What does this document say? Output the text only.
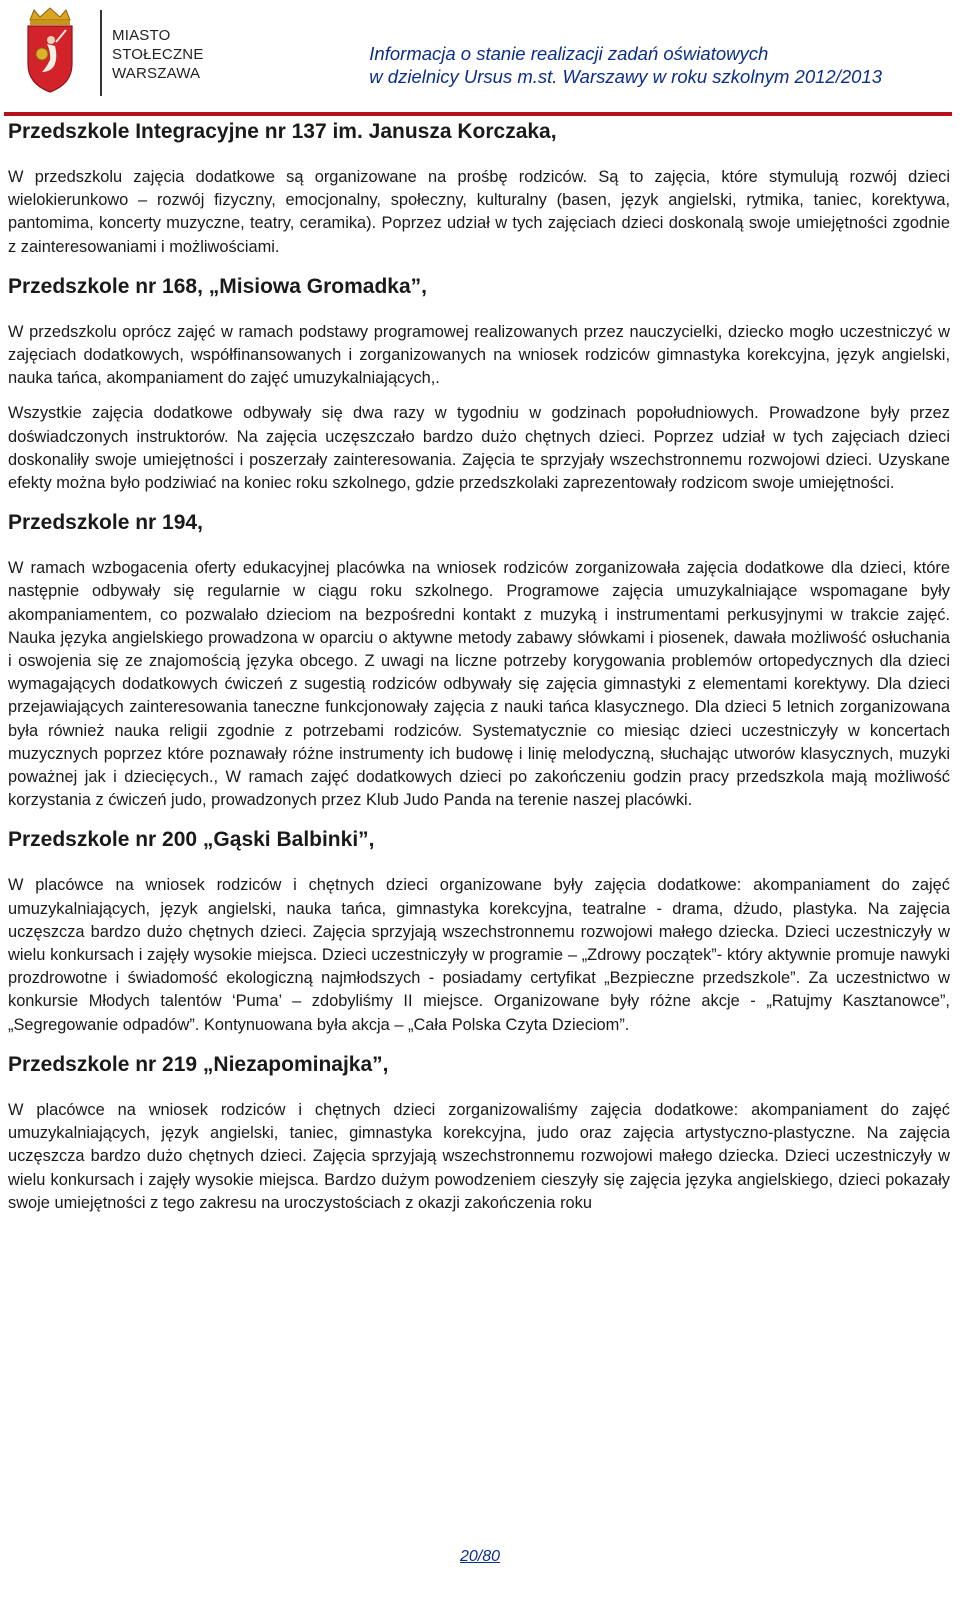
MIASTO
STOŁECZNE
WARSZAWA
Informacja o stanie realizacji zadań oświatowych
w dzielnicy Ursus m.st. Warszawy w roku szkolnym 2012/2013
Przedszkole Integracyjne nr 137 im. Janusza Korczaka,

W przedszkolu zajęcia dodatkowe są organizowane na prośbę rodziców. Są to zajęcia, które stymulują rozwój dzieci wielokierunkowo – rozwój fizyczny, emocjonalny, społeczny, kulturalny (basen, język angielski, rytmika, taniec, korektywa, pantomima, koncerty muzyczne, teatry, ceramika). Poprzez udział w tych zajęciach dzieci doskonalą swoje umiejętności zgodnie z zainteresowaniami i możliwościami.

Przedszkole nr 168, „Misiowa Gromadka”,

W przedszkolu oprócz zajęć w ramach podstawy programowej realizowanych przez nauczycielki, dziecko mogło uczestniczyć w zajęciach dodatkowych, współfinansowanych i zorganizowanych na wniosek rodziców gimnastyka korekcyjna, język angielski, nauka tańca, akompaniament do zajęć umuzykalniających,.

Wszystkie zajęcia dodatkowe odbywały się dwa razy w tygodniu w godzinach popołudniowych. Prowadzone były przez doświadczonych instruktorów. Na zajęcia uczęszczało bardzo dużo chętnych dzieci. Poprzez udział w tych zajęciach dzieci doskonaliły swoje umiejętności i poszerzały zainteresowania. Zajęcia te sprzyjały wszechstronnemu rozwojowi dzieci. Uzyskane efekty można było podziwiać na koniec roku szkolnego, gdzie przedszkolaki zaprezentowały rodzicom swoje umiejętności.

Przedszkole nr 194,

W ramach wzbogacenia oferty edukacyjnej placówka na wniosek rodziców zorganizowała zajęcia dodatkowe dla dzieci, które następnie odbywały się regularnie w ciągu roku szkolnego. Programowe zajęcia umuzykalniające wspomagane były akompaniamentem, co pozwalało dzieciom na bezpośredni kontakt z muzyką i instrumentami perkusyjnymi w trakcie zajęć. Nauka języka angielskiego prowadzona w oparciu o aktywne metody zabawy słówkami i piosenek, dawała możliwość osłuchania i oswojenia się ze znajomością języka obcego. Z uwagi na liczne potrzeby korygowania problemów ortopedycznych dla dzieci wymagających dodatkowych ćwiczeń z sugestią rodziców odbywały się zajęcia gimnastyki z elementami korektywy. Dla dzieci przejawiających zainteresowania taneczne funkcjonowały zajęcia z nauki tańca klasycznego. Dla dzieci 5 letnich zorganizowana była również nauka religii zgodnie z potrzebami rodziców. Systematycznie co miesiąc dzieci uczestniczyły w koncertach muzycznych poprzez które poznawały różne instrumenty ich budowę i linię melodyczną, słuchając utworów klasycznych, muzyki poważnej jak i dziecięcych., W ramach zajęć dodatkowych dzieci po zakończeniu godzin pracy przedszkola mają możliwość korzystania z ćwiczeń judo, prowadzonych przez Klub Judo Panda na terenie naszej placówki.

Przedszkole nr 200 „Gąski Balbinki”,

W placówce na wniosek rodziców i chętnych dzieci organizowane były zajęcia dodatkowe: akompaniament do zajęć umuzykalniających, język angielski, nauka tańca, gimnastyka korekcyjna, teatralne - drama, dżudo, plastyka. Na zajęcia uczęszcza bardzo dużo chętnych dzieci. Zajęcia sprzyjają wszechstronnemu rozwojowi małego dziecka. Dzieci uczestniczyły w wielu konkursach i zajęły wysokie miejsca. Dzieci uczestniczyły w programie – „Zdrowy początek”- który aktywnie promuje nawyki prozdrowotne i świadomość ekologiczną najmłodszych - posiadamy certyfikat „Bezpieczne przedszkole”. Za uczestnictwo w konkursie Młodych talentów ‘Puma’ – zdobyliśmy II miejsce. Organizowane były różne akcje - „Ratujmy Kasztanowce”, „Segregowanie odpadów”. Kontynuowana była akcja – „Cała Polska Czyta Dzieciom”.

Przedszkole nr 219 „Niezapominajka”,

W placówce na wniosek rodziców i chętnych dzieci zorganizowaliśmy zajęcia dodatkowe: akompaniament do zajęć umuzykalniających, język angielski, taniec, gimnastyka korekcyjna, judo oraz zajęcia artystyczno-plastyczne. Na zajęcia uczęszcza bardzo dużo chętnych dzieci. Zajęcia sprzyjają wszechstronnemu rozwojowi małego dziecka. Dzieci uczestniczyły w wielu konkursach i zajęły wysokie miejsca. Bardzo dużym powodzeniem cieszyły się zajęcia języka angielskiego, dzieci pokazały swoje umiejętności z tego zakresu na uroczystościach z okazji zakończenia roku

20/80
